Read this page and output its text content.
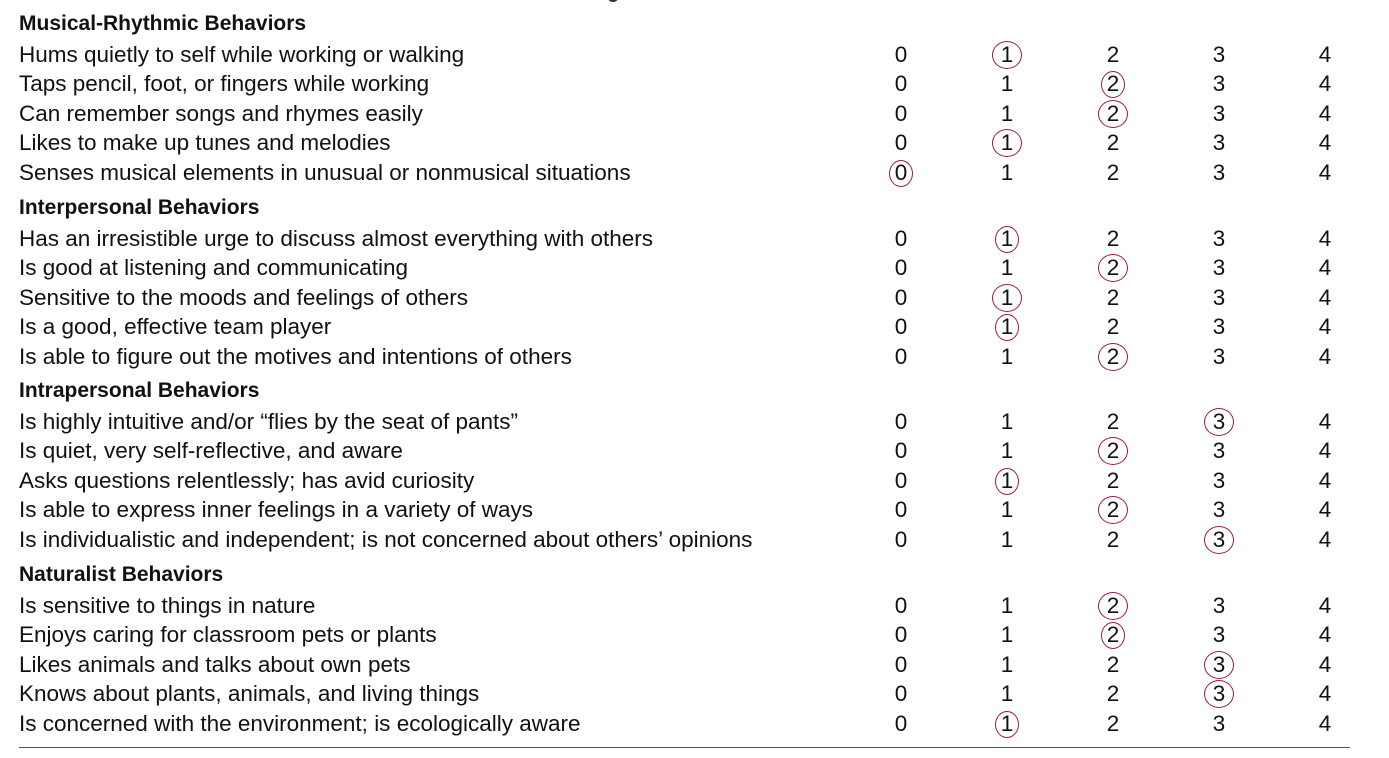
Musical-Rhythmic Behaviors
Hums quietly to self while working or walking	0	1	2	3	4
Taps pencil, foot, or fingers while working	0	1	2	3	4
Can remember songs and rhymes easily	0	1	2	3	4
Likes to make up tunes and melodies	0	1	2	3	4
Senses musical elements in unusual or nonmusical situations	0	1	2	3	4
Interpersonal Behaviors
Has an irresistible urge to discuss almost everything with others	0	1	2	3	4
Is good at listening and communicating	0	1	2	3	4
Sensitive to the moods and feelings of others	0	1	2	3	4
Is a good, effective team player	0	1	2	3	4
Is able to figure out the motives and intentions of others	0	1	2	3	4
Intrapersonal Behaviors
Is highly intuitive and/or “flies by the seat of pants”	0	1	2	3	4
Is quiet, very self-reflective, and aware	0	1	2	3	4
Asks questions relentlessly; has avid curiosity	0	1	2	3	4
Is able to express inner feelings in a variety of ways	0	1	2	3	4
Is individualistic and independent; is not concerned about others’ opinions	0	1	2	3	4
Naturalist Behaviors
Is sensitive to things in nature	0	1	2	3	4
Enjoys caring for classroom pets or plants	0	1	2	3	4
Likes animals and talks about own pets	0	1	2	3	4
Knows about plants, animals, and living things	0	1	2	3	4
Is concerned with the environment; is ecologically aware	0	1	2	3	4
